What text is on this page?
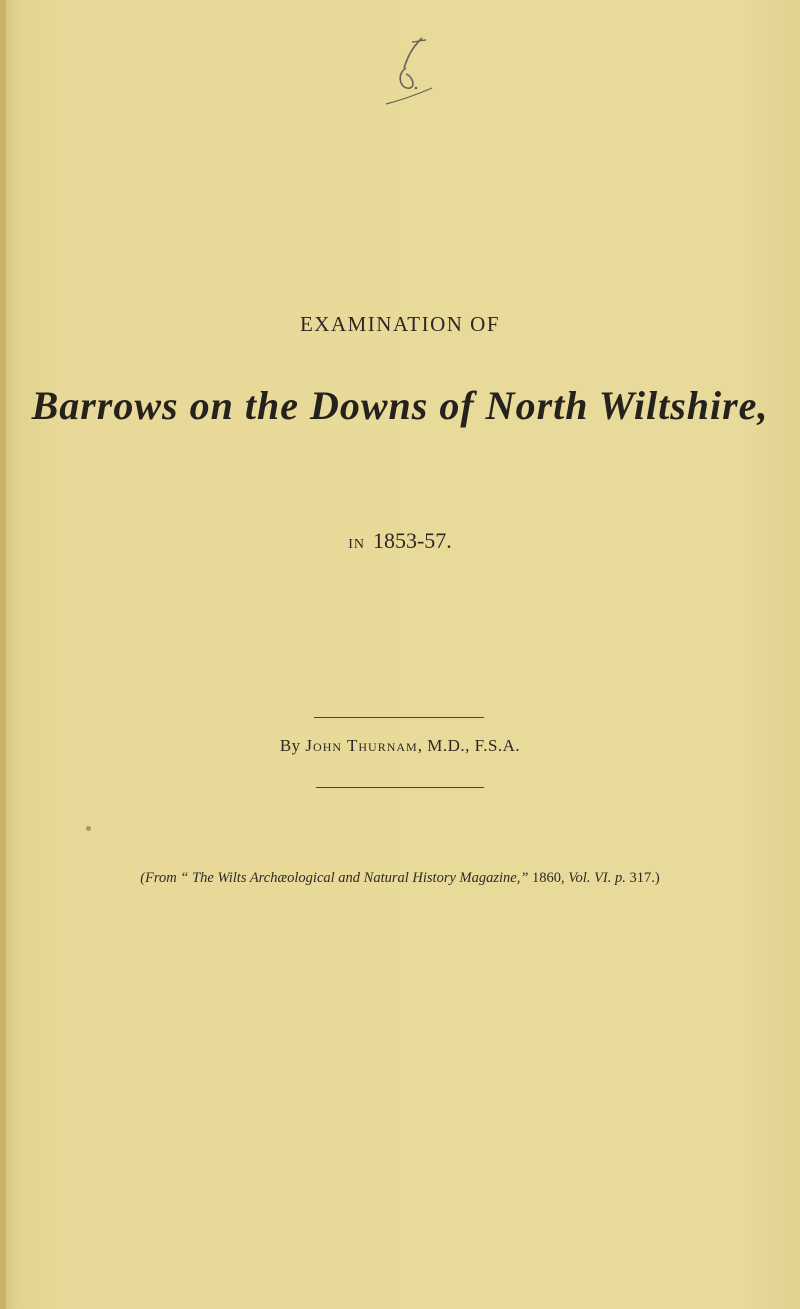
EXAMINATION OF
Barrows on the Downs of North Wiltshire,
IN 1853-57.
By John Thurnam, M.D., F.S.A.
(From “ The Wilts Archæological and Natural History Magazine,” 1860, Vol. VI. p. 317.)
